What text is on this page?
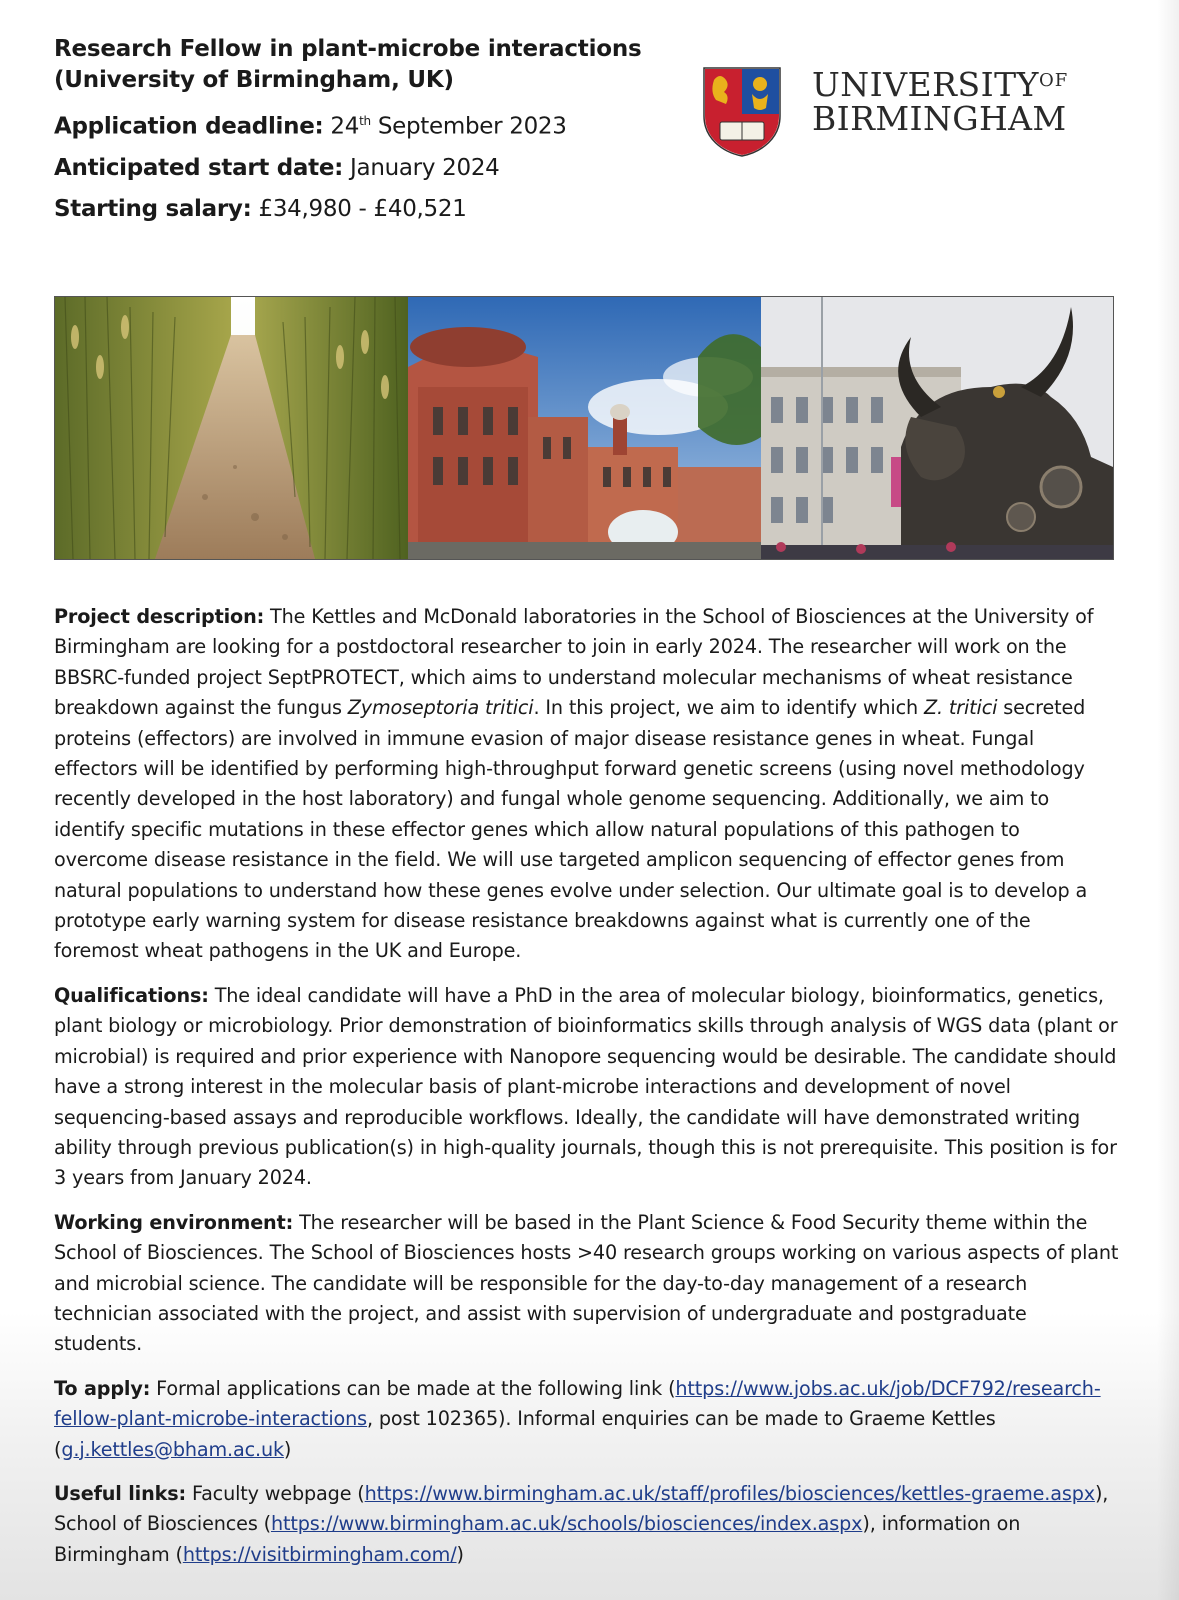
Research Fellow in plant-microbe interactions
(University of Birmingham, UK)
Application deadline: 24th September 2023
Anticipated start date: January 2024
Starting salary: £34,980 - £40,521
$UNIVERSITY^{OF}$
BIRMINGHAM

Project description: The Kettles and McDonald laboratories in the School of Biosciences at the University of Birmingham are looking for a postdoctoral researcher to join in early 2024. The researcher will work on the BBSRC-funded project SeptPROTECT, which aims to understand molecular mechanisms of wheat resistance breakdown against the fungus Zymoseptoria tritici. In this project, we aim to identify which Z. tritici secreted proteins (effectors) are involved in immune evasion of major disease resistance genes in wheat. Fungal effectors will be identified by performing high-throughput forward genetic screens (using novel methodology recently developed in the host laboratory) and fungal whole genome sequencing. Additionally, we aim to identify specific mutations in these effector genes which allow natural populations of this pathogen to overcome disease resistance in the field. We will use targeted amplicon sequencing of effector genes from natural populations to understand how these genes evolve under selection. Our ultimate goal is to develop a prototype early warning system for disease resistance breakdowns against what is currently one of the foremost wheat pathogens in the UK and Europe.

Qualifications: The ideal candidate will have a PhD in the area of molecular biology, bioinformatics, genetics, plant biology or microbiology. Prior demonstration of bioinformatics skills through analysis of WGS data (plant or microbial) is required and prior experience with Nanopore sequencing would be desirable. The candidate should have a strong interest in the molecular basis of plant-microbe interactions and development of novel sequencing-based assays and reproducible workflows. Ideally, the candidate will have demonstrated writing ability through previous publication(s) in high-quality journals, though this is not prerequisite. This position is for 3 years from January 2024.

Working environment: The researcher will be based in the Plant Science & Food Security theme within the School of Biosciences. The School of Biosciences hosts >40 research groups working on various aspects of plant and microbial science. The candidate will be responsible for the day-to-day management of a research technician associated with the project, and assist with supervision of undergraduate and postgraduate students.

To apply: Formal applications can be made at the following link (https://www.jobs.ac.uk/job/DCF792/research-fellow-plant-microbe-interactions, post 102365). Informal enquiries can be made to Graeme Kettles (g.j.kettles@bham.ac.uk)

Useful links: Faculty webpage (https://www.birmingham.ac.uk/staff/profiles/biosciences/kettles-graeme.aspx), School of Biosciences (https://www.birmingham.ac.uk/schools/biosciences/index.aspx), information on Birmingham (https://visitbirmingham.com/)
